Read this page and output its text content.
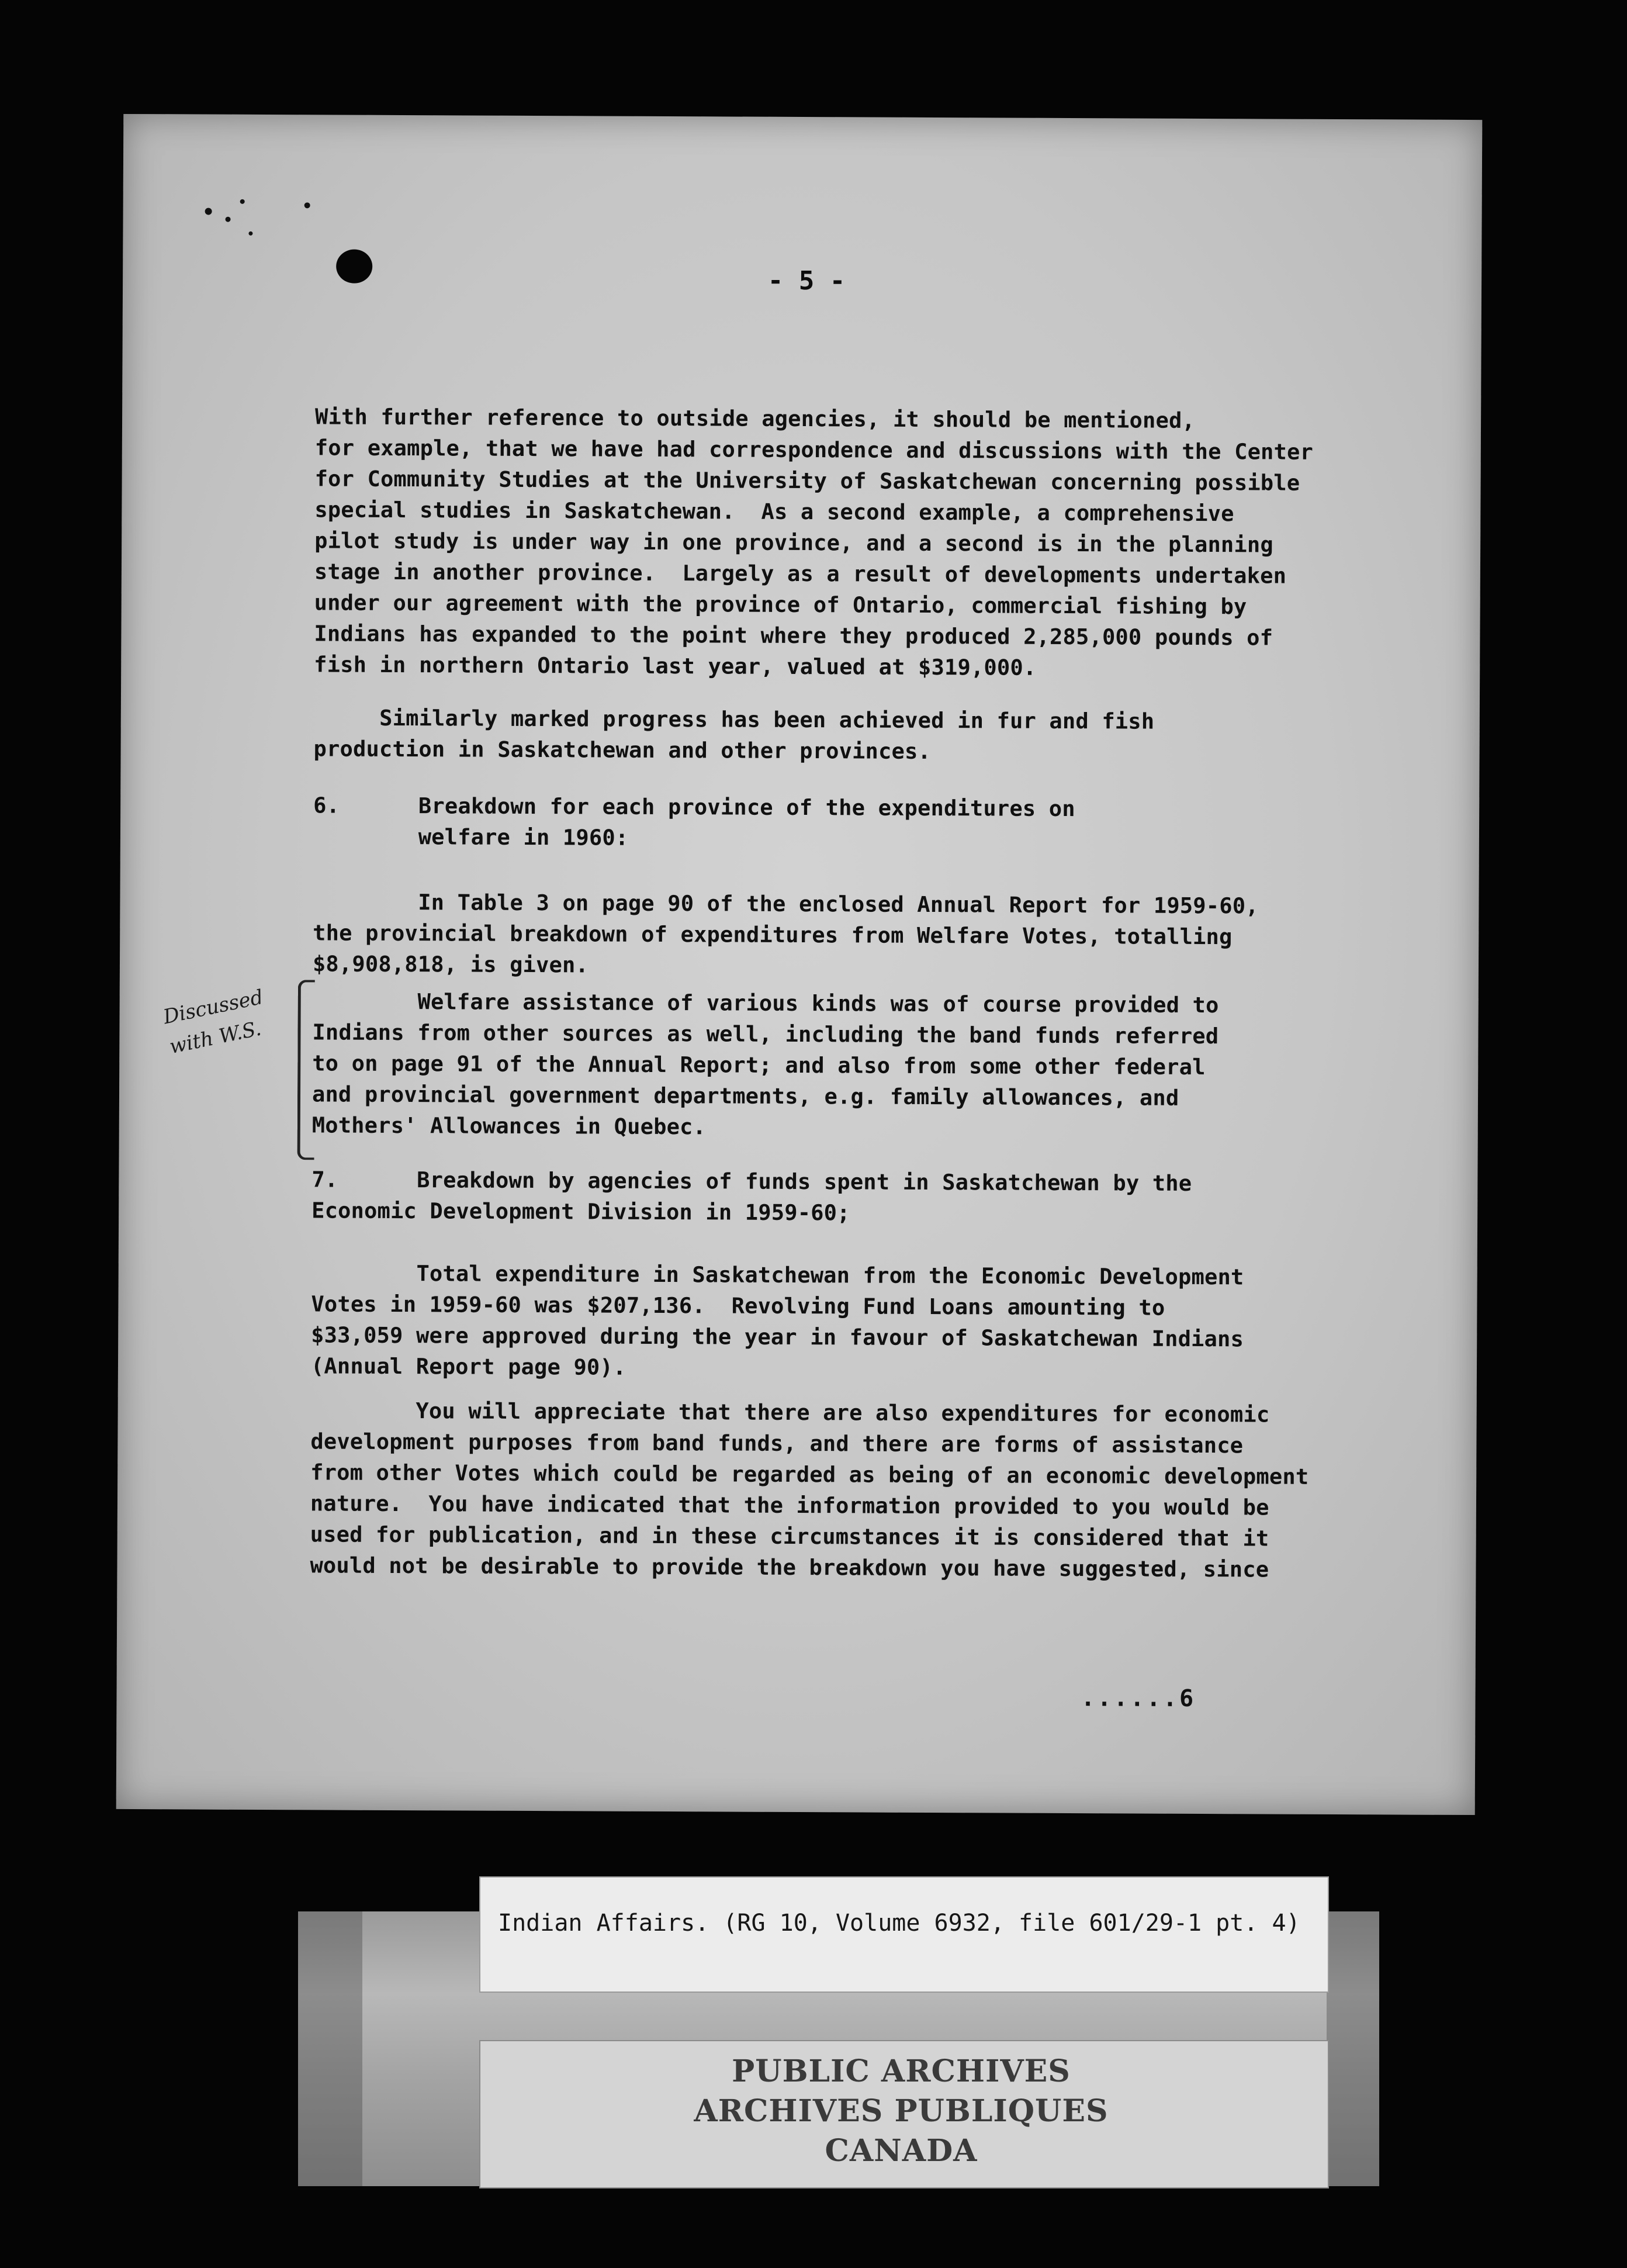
- 5 -
With further reference to outside agencies, it should be mentioned,
for example, that we have had correspondence and discussions with the Center
for Community Studies at the University of Saskatchewan concerning possible
special studies in Saskatchewan.  As a second example, a comprehensive
pilot study is under way in one province, and a second is in the planning
stage in another province.  Largely as a result of developments undertaken
under our agreement with the province of Ontario, commercial fishing by
Indians has expanded to the point where they produced 2,285,000 pounds of
fish in northern Ontario last year, valued at $319,000.
Similarly marked progress has been achieved in fur and fish
production in Saskatchewan and other provinces.
6.      Breakdown for each province of the expenditures on
welfare in 1960:
In Table 3 on page 90 of the enclosed Annual Report for 1959-60,
the provincial breakdown of expenditures from Welfare Votes, totalling
$8,908,818, is given.
Welfare assistance of various kinds was of course provided to
Indians from other sources as well, including the band funds referred
to on page 91 of the Annual Report; and also from some other federal
and provincial government departments, e.g. family allowances, and
Mothers' Allowances in Quebec.
7.      Breakdown by agencies of funds spent in Saskatchewan by the
Economic Development Division in 1959-60;
Total expenditure in Saskatchewan from the Economic Development
Votes in 1959-60 was $207,136.  Revolving Fund Loans amounting to
$33,059 were approved during the year in favour of Saskatchewan Indians
(Annual Report page 90).
You will appreciate that there are also expenditures for economic
development purposes from band funds, and there are forms of assistance
from other Votes which could be regarded as being of an economic development
nature.  You have indicated that the information provided to you would be
used for publication, and in these circumstances it is considered that it
would not be desirable to provide the breakdown you have suggested, since
......6
Discussed
with W.S.
Indian Affairs. (RG 10, Volume 6932, file 601/29-1 pt. 4)
PUBLIC ARCHIVES
ARCHIVES PUBLIQUES
CANADA
